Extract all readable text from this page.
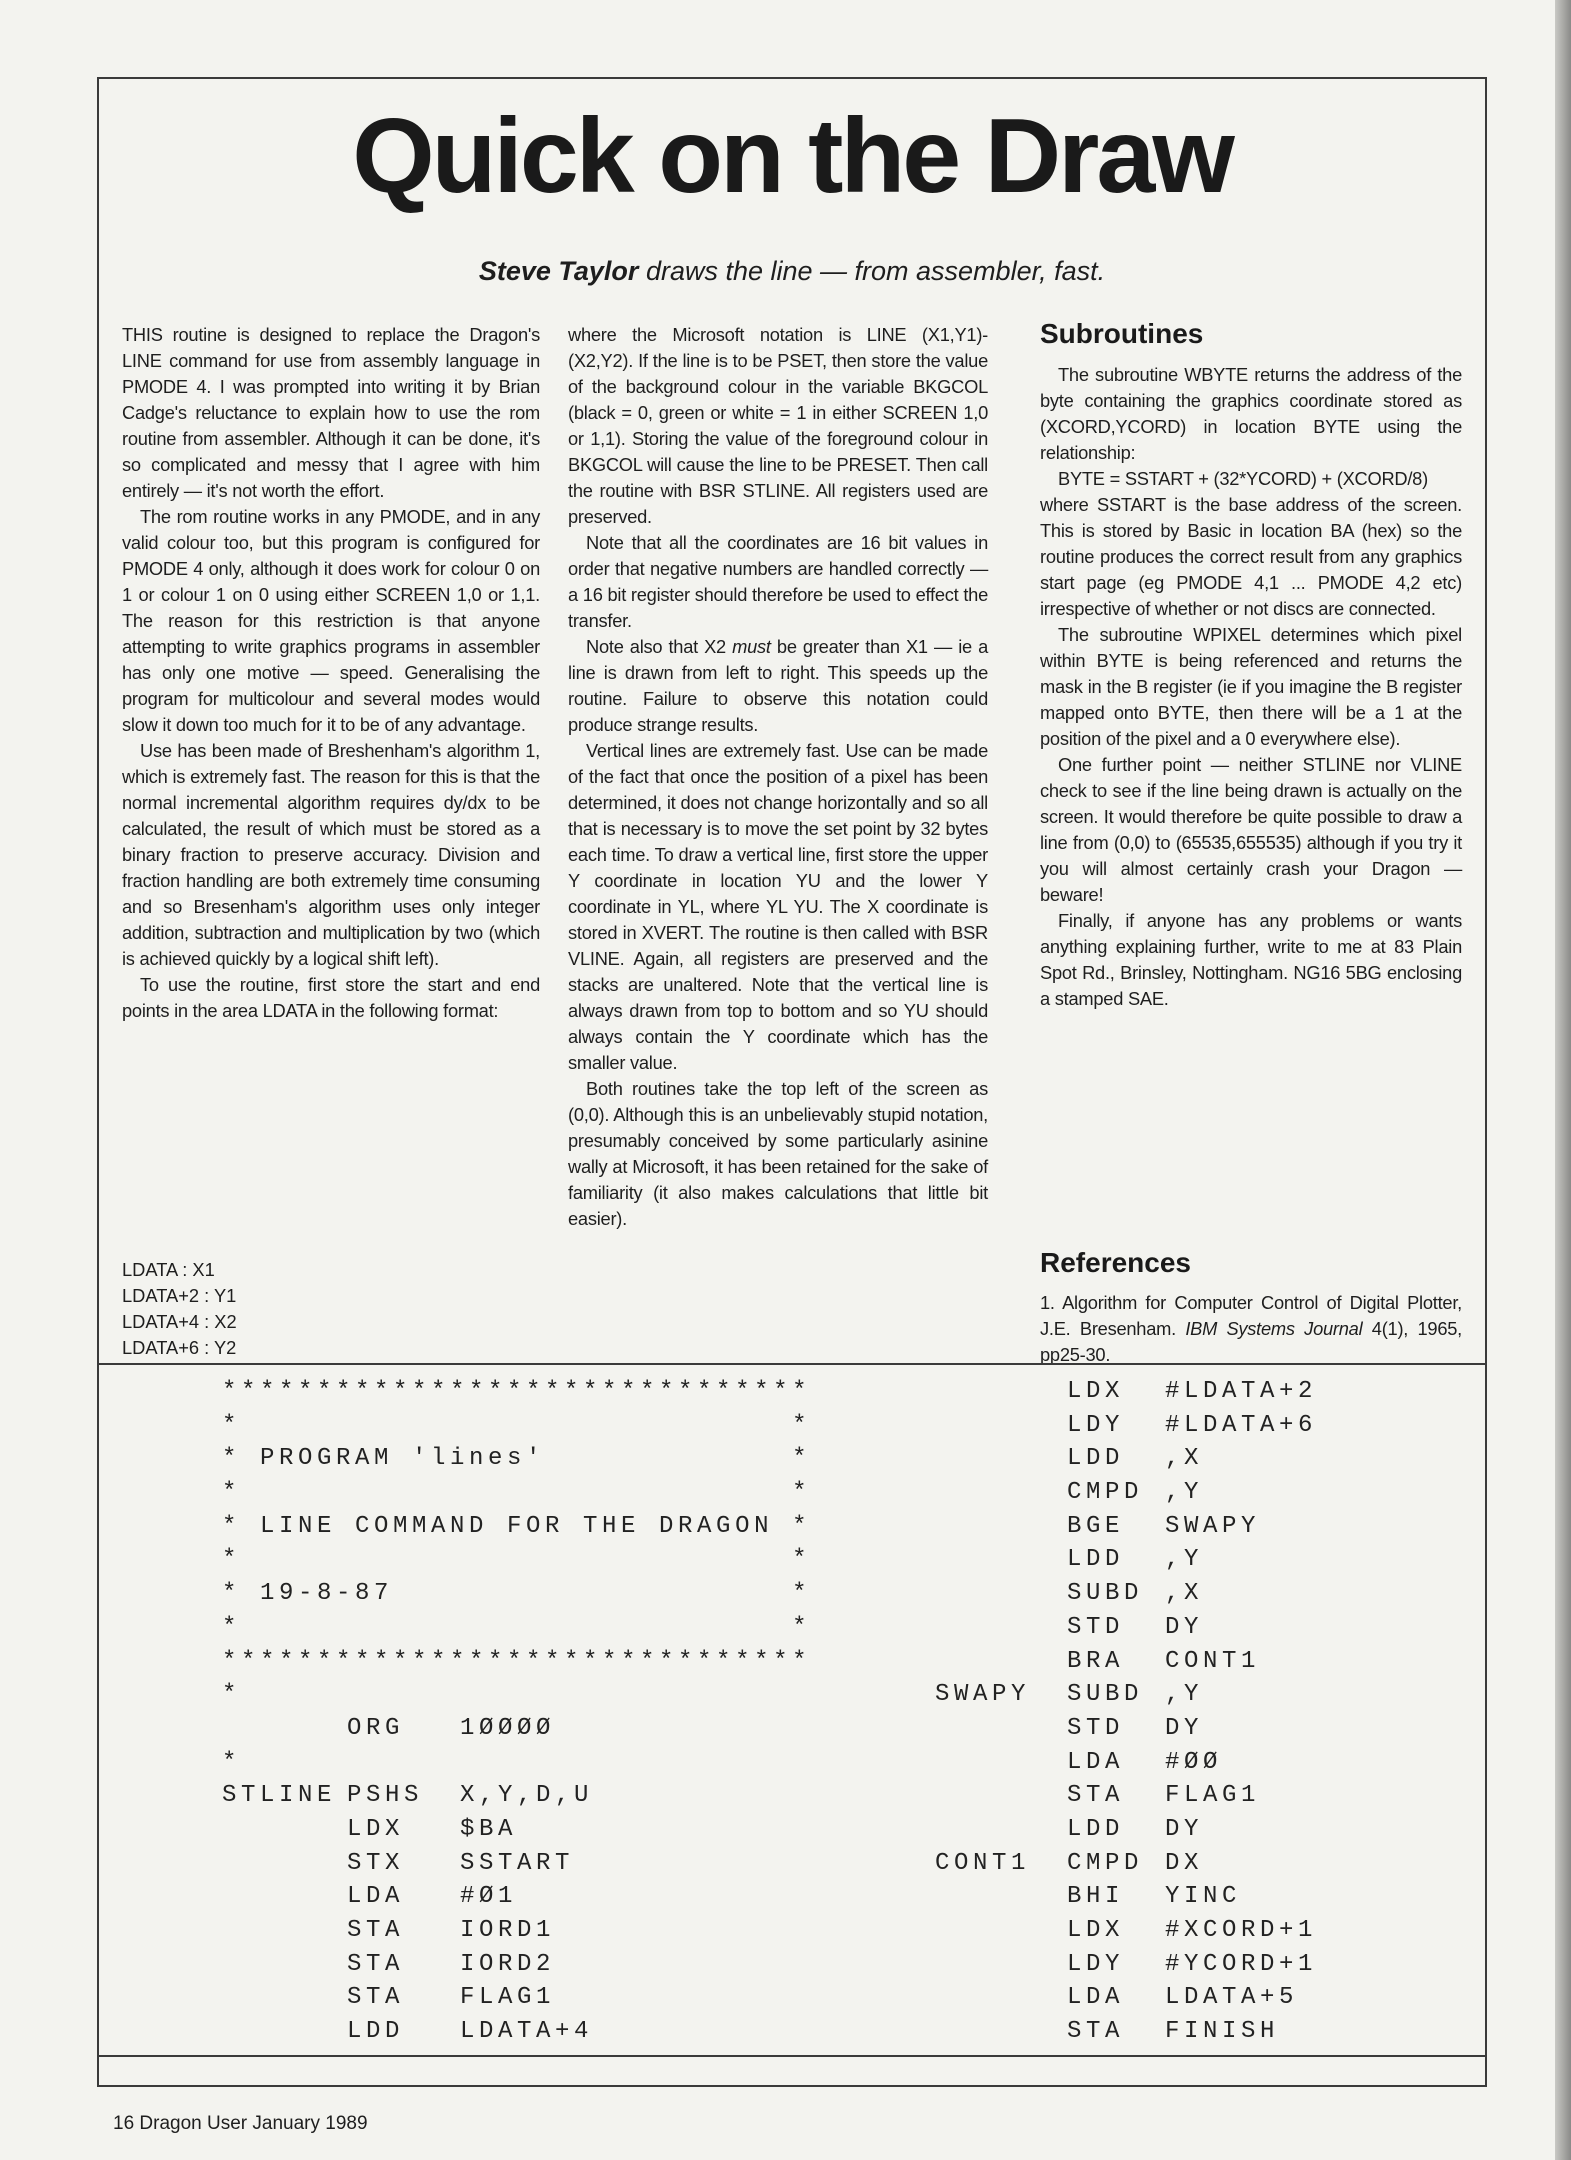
Quick on the Draw
Steve Taylor draws the line — from assembler, fast.

THIS routine is designed to replace the Dragon's LINE command for use from assembly language in PMODE 4. I was prompted into writing it by Brian Cadge's reluctance to explain how to use the rom routine from assembler. Although it can be done, it's so complicated and messy that I agree with him entirely — it's not worth the effort.

The rom routine works in any PMODE, and in any valid colour too, but this program is configured for PMODE 4 only, although it does work for colour 0 on 1 or colour 1 on 0 using either SCREEN 1,0 or 1,1. The reason for this restriction is that anyone attempting to write graphics programs in assembler has only one motive — speed. Generalising the program for multicolour and several modes would slow it down too much for it to be of any advantage.

Use has been made of Breshenham's algorithm 1, which is extremely fast. The reason for this is that the normal incremental algorithm requires dy/dx to be calculated, the result of which must be stored as a binary fraction to preserve accuracy. Division and fraction handling are both extremely time consuming and so Bresenham's algorithm uses only integer addition, subtraction and multiplication by two (which is achieved quickly by a logical shift left).

To use the routine, first store the start and end points in the area LDATA in the following format:

LDATA : X1
LDATA+2 : Y1
LDATA+4 : X2
LDATA+6 : Y2

where the Microsoft notation is LINE (X1,Y1)-(X2,Y2). If the line is to be PSET, then store the value of the background colour in the variable BKGCOL (black = 0, green or white = 1 in either SCREEN 1,0 or 1,1). Storing the value of the foreground colour in BKGCOL will cause the line to be PRESET. Then call the routine with BSR STLINE. All registers used are preserved.

Note that all the coordinates are 16 bit values in order that negative numbers are handled correctly — a 16 bit register should therefore be used to effect the transfer.

Note also that X2 must be greater than X1 — ie a line is drawn from left to right. This speeds up the routine. Failure to observe this notation could produce strange results.

Vertical lines are extremely fast. Use can be made of the fact that once the position of a pixel has been determined, it does not change horizontally and so all that is necessary is to move the set point by 32 bytes each time. To draw a vertical line, first store the upper Y coordinate in location YU and the lower Y coordinate in YL, where YL YU. The X coordinate is stored in XVERT. The routine is then called with BSR VLINE. Again, all registers are preserved and the stacks are unaltered. Note that the vertical line is always drawn from top to bottom and so YU should always contain the Y coordinate which has the smaller value.

Both routines take the top left of the screen as (0,0). Although this is an unbelievably stupid notation, presumably conceived by some particularly asinine wally at Microsoft, it has been retained for the sake of familiarity (it also makes calculations that little bit easier).

Subroutines

The subroutine WBYTE returns the address of the byte containing the graphics coordinate stored as (XCORD,YCORD) in location BYTE using the relationship:

BYTE = SSTART + (32*YCORD) + (XCORD/8)

where SSTART is the base address of the screen. This is stored by Basic in location BA (hex) so the routine produces the correct result from any graphics start page (eg PMODE 4,1 ... PMODE 4,2 etc) irrespective of whether or not discs are connected.

The subroutine WPIXEL determines which pixel within BYTE is being referenced and returns the mask in the B register (ie if you imagine the B register mapped onto BYTE, then there will be a 1 at the position of the pixel and a 0 everywhere else).

One further point — neither STLINE nor VLINE check to see if the line being drawn is actually on the screen. It would therefore be quite possible to draw a line from (0,0) to (65535,655535) although if you try it you will almost certainly crash your Dragon — beware!

Finally, if anyone has any problems or wants anything explaining further, write to me at 83 Plain Spot Rd., Brinsley, Nottingham. NG16 5BG enclosing a stamped SAE.

References
1. Algorithm for Computer Control of Digital Plotter, J.E. Bresenham. IBM Systems Journal 4(1), 1965, pp25-30.
*******************************
*                             *
* PROGRAM 'lines'             *
*                             *
* LINE COMMAND FOR THE DRAGON *
*                             *
* 19-8-87                     *
*                             *
*******************************
*
ORG	1ØØØØ
*
STLINE PSHS	X,Y,D,U
LDX	$BA
STX	SSTART
LDA	#Ø1
STA	IORD1
STA	IORD2
STA	FLAG1
LDD	LDATA+4
LDX	#LDATA+2
LDY	#LDATA+6
LDD	,X
CMPD ,Y
BGE	SWAPY
LDD	,Y
SUBD ,X
STD	DY
BRA	CONT1
SWAPY	SUBD ,Y
STD	DY
LDA	#ØØ
STA	FLAG1
LDD	DY
CONT1	CMPD DX
BHI	YINC
LDX	#XCORD+1
LDY	#YCORD+1
LDA	LDATA+5
STA	FINISH
16 Dragon User January 1989
